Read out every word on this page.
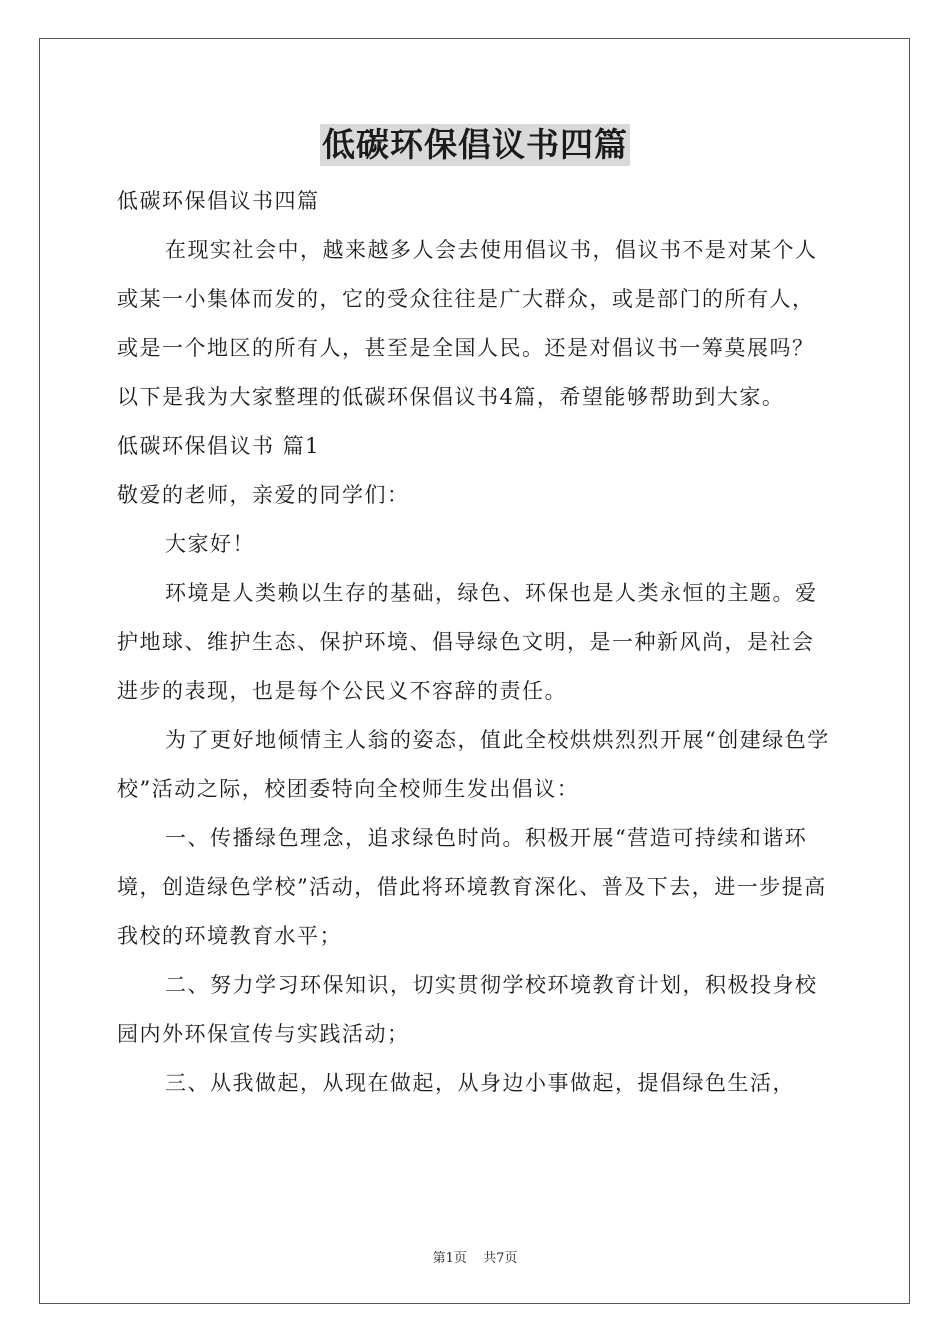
低碳环保倡议书四篇

低碳环保倡议书四篇

在现实社会中，越来越多人会去使用倡议书，倡议书不是对某个人或某一小集体而发的，它的受众往往是广大群众，或是部门的所有人，或是一个地区的所有人，甚至是全国人民。还是对倡议书一筹莫展吗？以下是我为大家整理的低碳环保倡议书4篇，希望能够帮助到大家。

低碳环保倡议书 篇1

敬爱的老师，亲爱的同学们：

大家好！

环境是人类赖以生存的基础，绿色、环保也是人类永恒的主题。爱护地球、维护生态、保护环境、倡导绿色文明，是一种新风尚，是社会进步的表现，也是每个公民义不容辞的责任。

为了更好地倾情主人翁的姿态，值此全校烘烘烈烈开展“创建绿色学校”活动之际，校团委特向全校师生发出倡议：

一、传播绿色理念，追求绿色时尚。积极开展“营造可持续和谐环境，创造绿色学校”活动，借此将环境教育深化、普及下去，进一步提高我校的环境教育水平；

二、努力学习环保知识，切实贯彻学校环境教育计划，积极投身校园内外环保宣传与实践活动；

三、从我做起，从现在做起，从身边小事做起，提倡绿色生活，

第1页 共7页
